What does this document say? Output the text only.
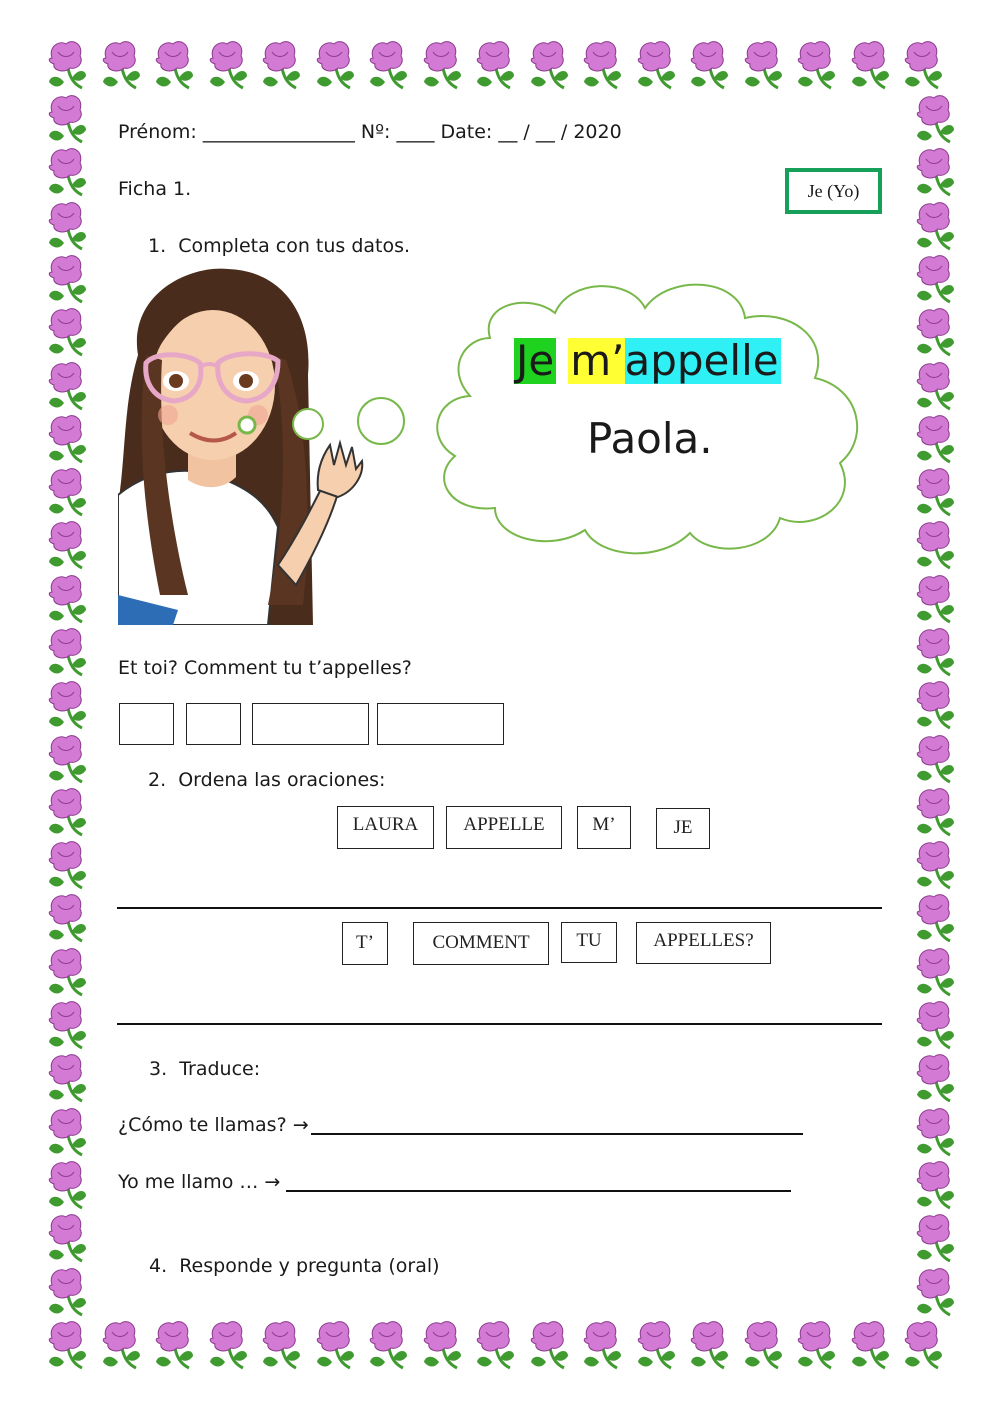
Prénom: ________________ Nº: ____ Date: __ / __ / 2020
Ficha 1.	Je (Yo)
1.  Completa con tus datos.
Je m’appelle
Paola.
Et toi? Comment tu t’appelles?
2.  Ordena las oraciones:
LAURA	APPELLE	M’	JE
T’	COMMENT	TU	APPELLES?
3.  Traduce:
¿Cómo te llamas? →
Yo me llamo … →
4.  Responde y pregunta (oral)
